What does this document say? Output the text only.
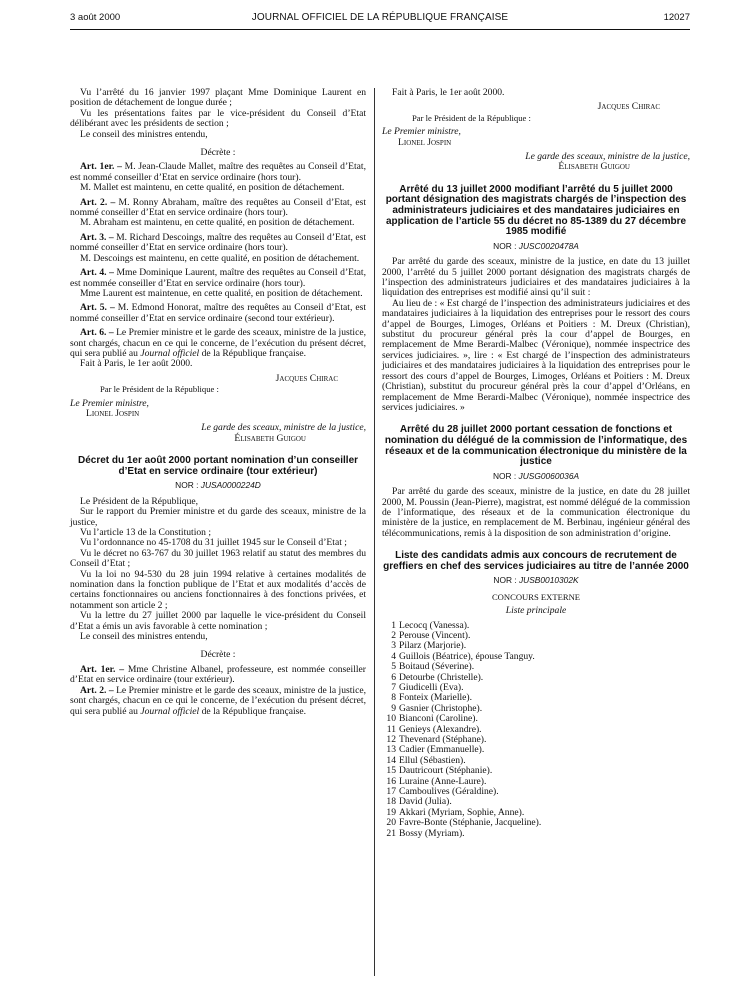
3 août 2000	JOURNAL OFFICIEL DE LA RÉPUBLIQUE FRANÇAISE	12027

Vu l’arrêté du 16 janvier 1997 plaçant Mme Dominique Laurent en position de détachement de longue durée ;

Vu les présentations faites par le vice-président du Conseil d’Etat délibérant avec les présidents de section ;

Le conseil des ministres entendu,

Décrète :

Art. 1er. – M. Jean-Claude Mallet, maître des requêtes au Conseil d’Etat, est nommé conseiller d’Etat en service ordinaire (hors tour).

M. Mallet est maintenu, en cette qualité, en position de détachement.

Art. 2. – M. Ronny Abraham, maître des requêtes au Conseil d’Etat, est nommé conseiller d’Etat en service ordinaire (hors tour).

M. Abraham est maintenu, en cette qualité, en position de détachement.

Art. 3. – M. Richard Descoings, maître des requêtes au Conseil d’Etat, est nommé conseiller d’Etat en service ordinaire (hors tour).

M. Descoings est maintenu, en cette qualité, en position de détachement.

Art. 4. – Mme Dominique Laurent, maître des requêtes au Conseil d’Etat, est nommée conseiller d’Etat en service ordinaire (hors tour).

Mme Laurent est maintenue, en cette qualité, en position de détachement.

Art. 5. – M. Edmond Honorat, maître des requêtes au Conseil d’Etat, est nommé conseiller d’Etat en service ordinaire (second tour extérieur).

Art. 6. – Le Premier ministre et le garde des sceaux, ministre de la justice, sont chargés, chacun en ce qui le concerne, de l’exécution du présent décret, qui sera publié au Journal officiel de la République française.

Fait à Paris, le 1er août 2000.

Jacques Chirac

Par le Président de la République :

Le Premier ministre,

Lionel Jospin

Le garde des sceaux, ministre de la justice,

Élisabeth Guigou

Décret du 1er août 2000 portant nomination d’un conseiller d’Etat en service ordinaire (tour extérieur)

NOR : JUSA0000224D

Le Président de la République,

Sur le rapport du Premier ministre et du garde des sceaux, ministre de la justice,

Vu l’article 13 de la Constitution ;

Vu l’ordonnance no 45-1708 du 31 juillet 1945 sur le Conseil d’Etat ;

Vu le décret no 63-767 du 30 juillet 1963 relatif au statut des membres du Conseil d’Etat ;

Vu la loi no 94-530 du 28 juin 1994 relative à certaines modalités de nomination dans la fonction publique de l’Etat et aux modalités d’accès de certains fonctionnaires ou anciens fonctionnaires à des fonctions privées, et notamment son article 2 ;

Vu la lettre du 27 juillet 2000 par laquelle le vice-président du Conseil d’Etat a émis un avis favorable à cette nomination ;

Le conseil des ministres entendu,

Décrète :

Art. 1er. – Mme Christine Albanel, professeure, est nommée conseiller d’Etat en service ordinaire (tour extérieur).

Art. 2. – Le Premier ministre et le garde des sceaux, ministre de la justice, sont chargés, chacun en ce qui le concerne, de l’exécution du présent décret, qui sera publié au Journal officiel de la République française.

Fait à Paris, le 1er août 2000.

Jacques Chirac

Par le Président de la République :

Le Premier ministre,

Lionel Jospin

Le garde des sceaux, ministre de la justice,

Élisabeth Guigou

Arrêté du 13 juillet 2000 modifiant l’arrêté du 5 juillet 2000 portant désignation des magistrats chargés de l’inspection des administrateurs judiciaires et des mandataires judiciaires en application de l’article 55 du décret no 85-1389 du 27 décembre 1985 modifié

NOR : JUSC0020478A

Par arrêté du garde des sceaux, ministre de la justice, en date du 13 juillet 2000, l’arrêté du 5 juillet 2000 portant désignation des magistrats chargés de l’inspection des administrateurs judiciaires et des mandataires judiciaires à la liquidation des entreprises est modifié ainsi qu’il suit :

Au lieu de : « Est chargé de l’inspection des administrateurs judiciaires et des mandataires judiciaires à la liquidation des entreprises pour le ressort des cours d’appel de Bourges, Limoges, Orléans et Poitiers : M. Dreux (Christian), substitut du procureur général près la cour d’appel de Bourges, en remplacement de Mme Berardi-Malbec (Véronique), nommée inspectrice des services judiciaires. », lire : « Est chargé de l’inspection des administrateurs judiciaires et des mandataires judiciaires à la liquidation des entreprises pour le ressort des cours d’appel de Bourges, Limoges, Orléans et Poitiers : M. Dreux (Christian), substitut du procureur général près la cour d’appel d’Orléans, en remplacement de Mme Berardi-Malbec (Véronique), nommée inspectrice des services judiciaires. »

Arrêté du 28 juillet 2000 portant cessation de fonctions et nomination du délégué de la commission de l’informatique, des réseaux et de la communication électronique du ministère de la justice

NOR : JUSG0060036A

Par arrêté du garde des sceaux, ministre de la justice, en date du 28 juillet 2000, M. Poussin (Jean-Pierre), magistrat, est nommé délégué de la commission de l’informatique, des réseaux et de la communication électronique du ministère de la justice, en remplacement de M. Berbinau, ingénieur général des télécommunications, remis à la disposition de son administration d’origine.

Liste des candidats admis aux concours de recrutement de greffiers en chef des services judiciaires au titre de l’année 2000

NOR : JUSB0010302K

CONCOURS EXTERNE

Liste principale

1 Lecocq (Vanessa).
2 Perouse (Vincent).
3 Pilarz (Marjorie).
4 Guillois (Béatrice), épouse Tanguy.
5 Boitaud (Séverine).
6 Detourbe (Christelle).
7 Giudicelli (Eva).
8 Fonteix (Marielle).
9 Gasnier (Christophe).
10 Bianconi (Caroline).
11 Genieys (Alexandre).
12 Thevenard (Stéphane).
13 Cadier (Emmanuelle).
14 Ellul (Sébastien).
15 Dautricourt (Stéphanie).
16 Luraine (Anne-Laure).
17 Camboulives (Géraldine).
18 David (Julia).
19 Akkari (Myriam, Sophie, Anne).
20 Favre-Bonte (Stéphanie, Jacqueline).
21 Bossy (Myriam).
